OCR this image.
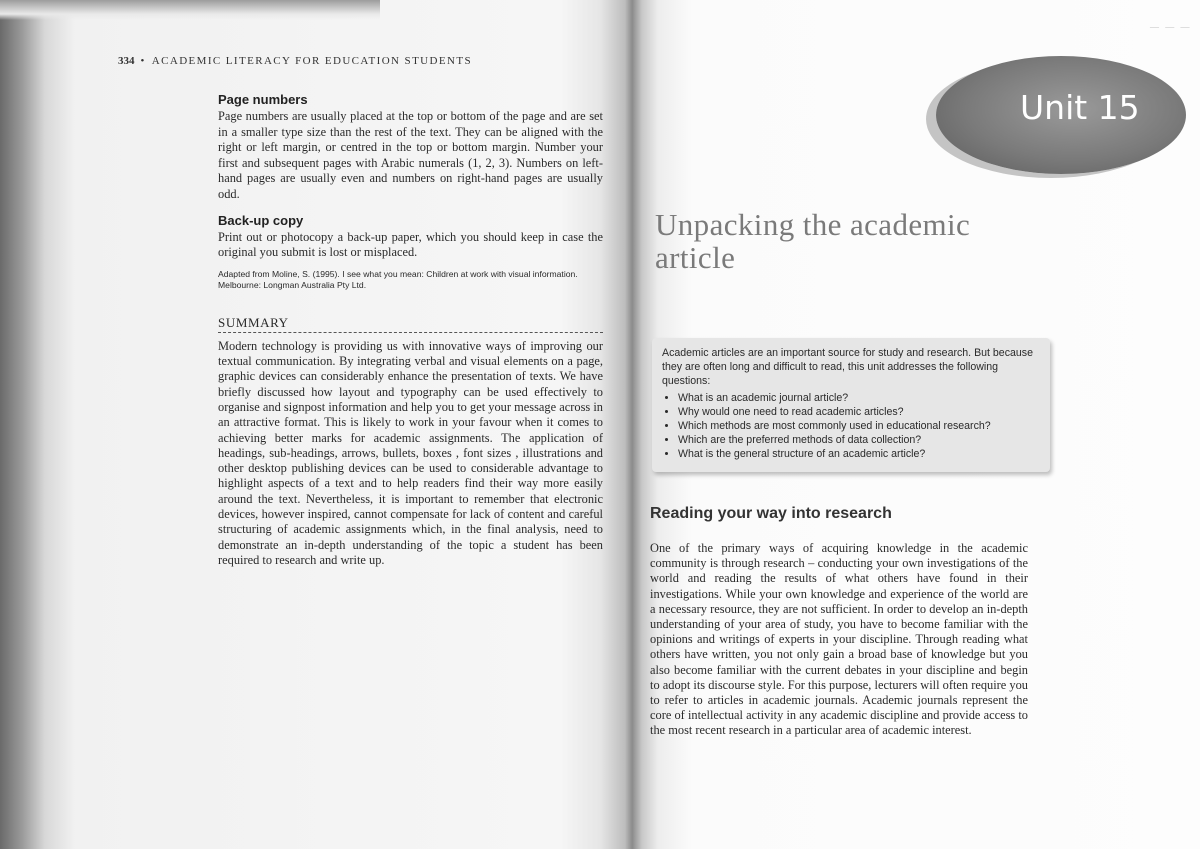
334 • ACADEMIC LITERACY FOR EDUCATION STUDENTS
Page numbers

Page numbers are usually placed at the top or bottom of the page and are set in a smaller type size than the rest of the text. They can be aligned with the right or left margin, or centred in the top or bottom margin. Number your first and subsequent pages with Arabic numerals (1, 2, 3). Numbers on left-hand pages are usually even and numbers on right-hand pages are usually odd.

Back-up copy

Print out or photocopy a back-up paper, which you should keep in case the original you submit is lost or misplaced.

Adapted from Moline, S. (1995). I see what you mean: Children at work with visual information. Melbourne: Longman Australia Pty Ltd.
SUMMARY

Modern technology is providing us with innovative ways of improving our textual communication. By integrating verbal and visual elements on a page, graphic devices can considerably enhance the presentation of texts. We have briefly discussed how layout and typography can be used effectively to organise and signpost information and help you to get your message across in an attractive format. This is likely to work in your favour when it comes to achieving better marks for academic assignments. The application of headings, sub-headings, arrows, bullets, boxes , font sizes , illustrations and other desktop publishing devices can be used to considerable advantage to highlight aspects of a text and to help readers find their way more easily around the text. Nevertheless, it is important to remember that electronic devices, however inspired, cannot compensate for lack of content and careful structuring of academic assignments which, in the final analysis, need to demonstrate an in-depth understanding of the topic a student has been required to research and write up.

— — —
Unit 15
Unpacking the academic article
Academic articles are an important source for study and research. But because they are often long and difficult to read, this unit addresses the following questions:
• What is an academic journal article?
• Why would one need to read academic articles?
• Which methods are most commonly used in educational research?
• Which are the preferred methods of data collection?
• What is the general structure of an academic article?
Reading your way into research

One of the primary ways of acquiring knowledge in the academic community is through research – conducting your own investigations of the world and reading the results of what others have found in their investigations. While your own knowledge and experience of the world are a necessary resource, they are not sufficient. In order to develop an in-depth understanding of your area of study, you have to become familiar with the opinions and writings of experts in your discipline. Through reading what others have written, you not only gain a broad base of knowledge but you also become familiar with the current debates in your discipline and begin to adopt its discourse style. For this purpose, lecturers will often require you to refer to articles in academic journals. Academic journals represent the core of intellectual activity in any academic discipline and provide access to the most recent research in a particular area of academic interest.
